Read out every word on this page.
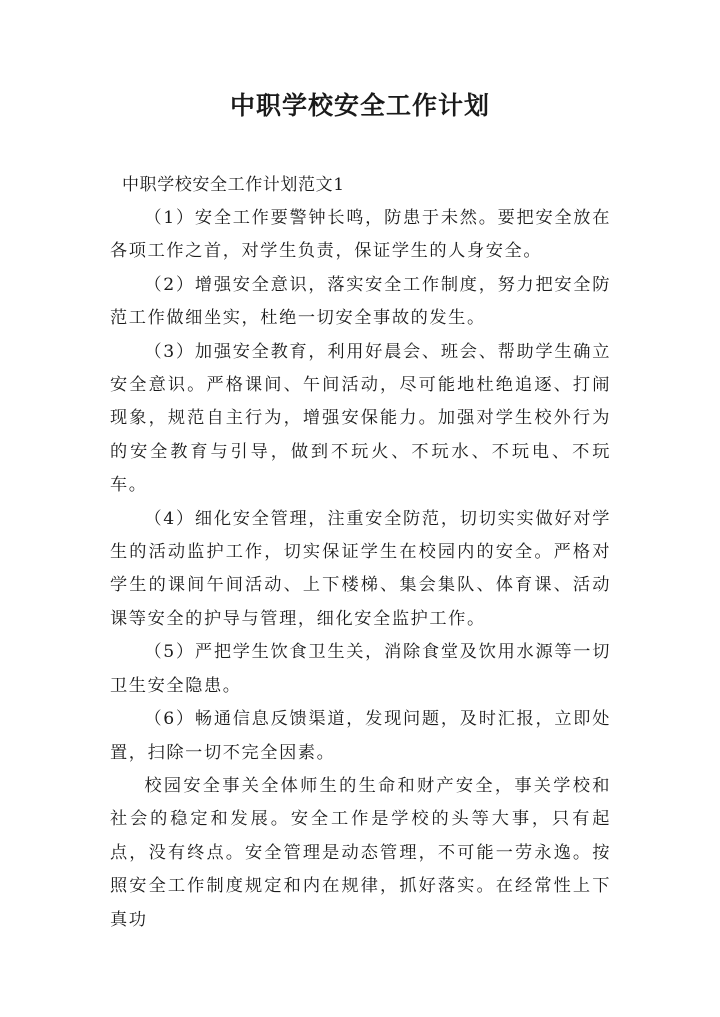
中职学校安全工作计划

中职学校安全工作计划范文1

（1）安全工作要警钟长鸣，防患于未然。要把安全放在各项工作之首，对学生负责，保证学生的人身安全。

（2）增强安全意识，落实安全工作制度，努力把安全防范工作做细坐实，杜绝一切安全事故的发生。

（3）加强安全教育，利用好晨会、班会、帮助学生确立安全意识。严格课间、午间活动，尽可能地杜绝追逐、打闹现象，规范自主行为，增强安保能力。加强对学生校外行为的安全教育与引导，做到不玩火、不玩水、不玩电、不玩车。

（4）细化安全管理，注重安全防范，切切实实做好对学生的活动监护工作，切实保证学生在校园内的安全。严格对学生的课间午间活动、上下楼梯、集会集队、体育课、活动课等安全的护导与管理，细化安全监护工作。

（5）严把学生饮食卫生关，消除食堂及饮用水源等一切卫生安全隐患。

（6）畅通信息反馈渠道，发现问题，及时汇报，立即处置，扫除一切不完全因素。

校园安全事关全体师生的生命和财产安全，事关学校和社会的稳定和发展。安全工作是学校的头等大事，只有起点，没有终点。安全管理是动态管理，不可能一劳永逸。按照安全工作制度规定和内在规律，抓好落实。在经常性上下真功
